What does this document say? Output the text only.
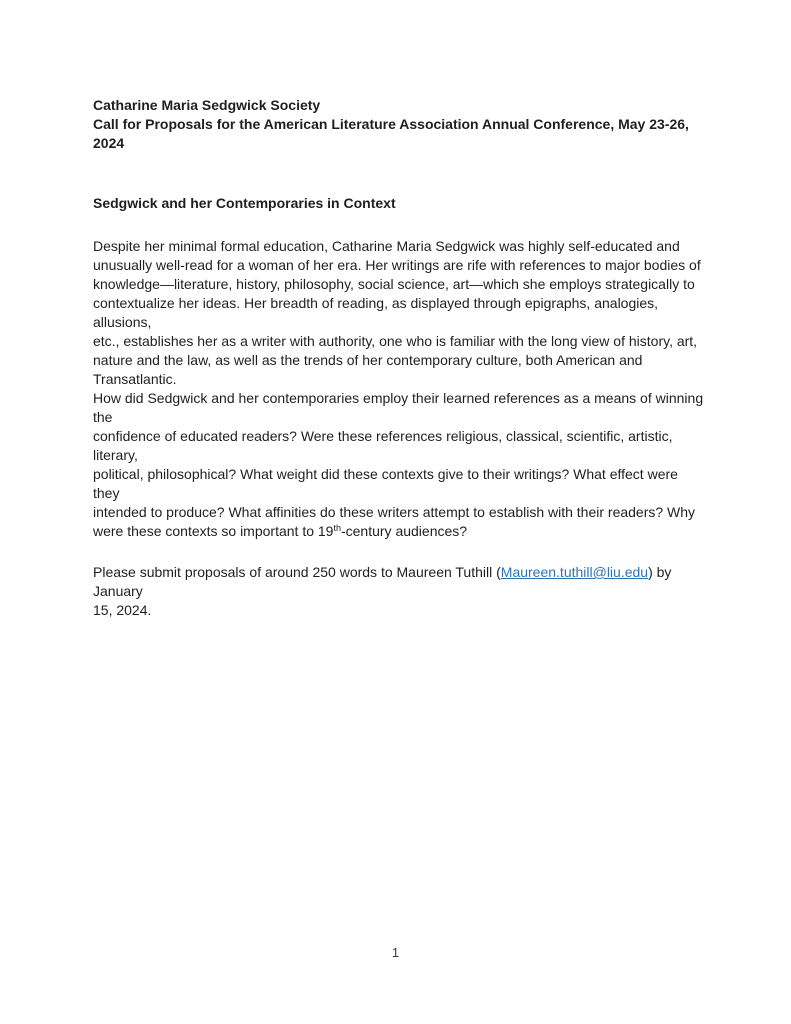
Catharine Maria Sedgwick Society
Call for Proposals for the American Literature Association Annual Conference, May 23-26, 2024
Sedgwick and her Contemporaries in Context

Despite her minimal formal education, Catharine Maria Sedgwick was highly self-educated and
unusually well-read for a woman of her era. Her writings are rife with references to major bodies of
knowledge—literature, history, philosophy, social science, art—which she employs strategically to
contextualize her ideas. Her breadth of reading, as displayed through epigraphs, analogies, allusions,
etc., establishes her as a writer with authority, one who is familiar with the long view of history, art,
nature and the law, as well as the trends of her contemporary culture, both American and Transatlantic.
How did Sedgwick and her contemporaries employ their learned references as a means of winning the
confidence of educated readers? Were these references religious, classical, scientific, artistic, literary,
political, philosophical? What weight did these contexts give to their writings? What effect were they
intended to produce? What affinities do these writers attempt to establish with their readers? Why
were these contexts so important to 19th-century audiences?

Please submit proposals of around 250 words to Maureen Tuthill (Maureen.tuthill@liu.edu) by January
15, 2024.

1
